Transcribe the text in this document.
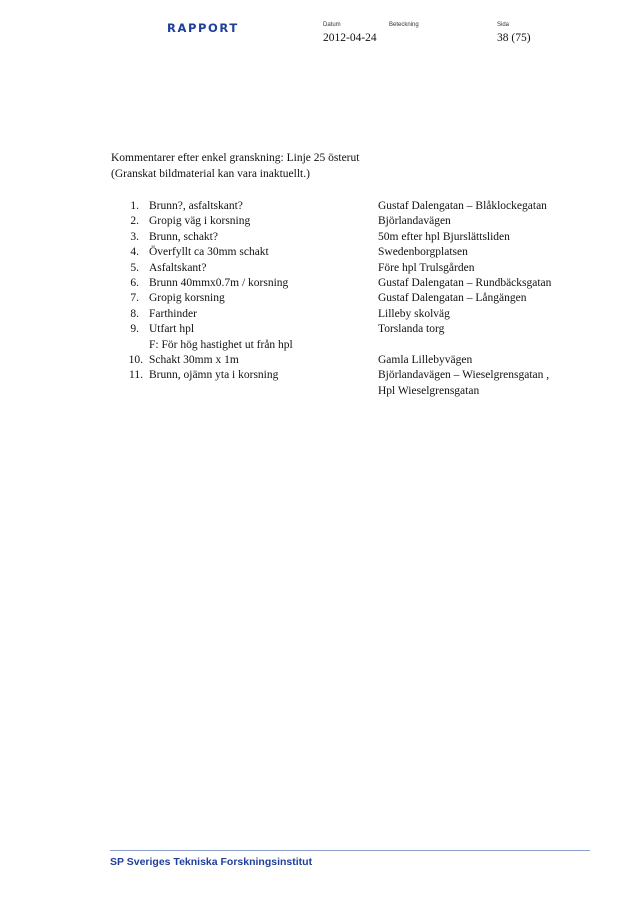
RAPPORT	Datum
2012-04-24
Beteckning	Sida
38 (75)
Kommentarer efter enkel granskning: Linje 25 österut
(Granskat bildmaterial kan vara inaktuellt.)
1. Brunn?, asfaltskant?	Gustaf Dalengatan – Blåklockegatan
2. Gropig väg i korsning	Björlandavägen
3. Brunn, schakt?	50m efter hpl Bjurslättsliden
4. Överfyllt ca 30mm schakt	Swedenborgplatsen
5. Asfaltskant?	Före hpl Trulsgården
6. Brunn 40mmx0.7m / korsning	Gustaf Dalengatan – Rundbäcksgatan
7. Gropig korsning	Gustaf Dalengatan – Långängen
8. Farthinder	Lilleby skolväg
9. Utfart hpl	Torslanda torg
F: För hög hastighet ut från hpl
10. Schakt 30mm x 1m	Gamla Lillebyvägen
11. Brunn, ojämn yta i korsning	Björlandavägen – Wieselgrensgatan ,
Hpl Wieselgrensgatan
SP Sveriges Tekniska Forskningsinstitut
